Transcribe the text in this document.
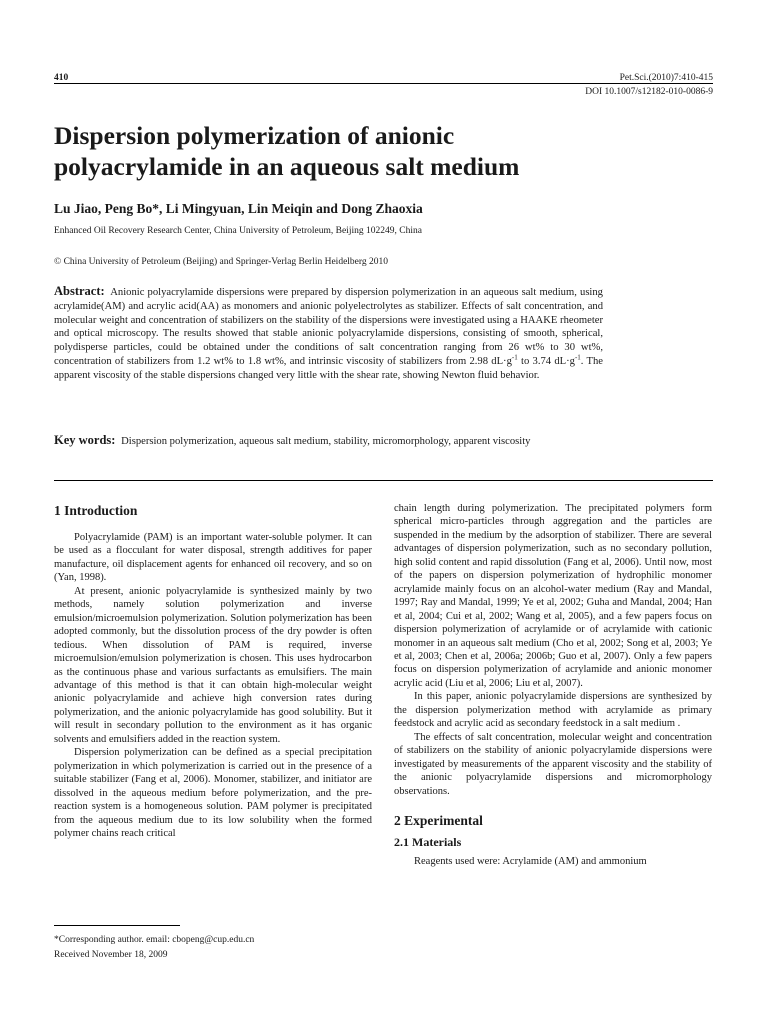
410	Pet.Sci.(2010)7:410-415
DOI 10.1007/s12182-010-0086-9
Dispersion polymerization of anionic
polyacrylamide in an aqueous salt medium
Lu Jiao, Peng Bo*, Li Mingyuan, Lin Meiqin and Dong Zhaoxia
Enhanced Oil Recovery Research Center, China University of Petroleum, Beijing 102249, China
© China University of Petroleum (Beijing) and Springer-Verlag Berlin Heidelberg 2010
Abstract: Anionic polyacrylamide dispersions were prepared by dispersion polymerization in an aqueous salt medium, using acrylamide(AM) and acrylic acid(AA) as monomers and anionic polyelectrolytes as stabilizer. Effects of salt concentration, and molecular weight and concentration of stabilizers on the stability of the dispersions were investigated using a HAAKE rheometer and optical microscopy. The results showed that stable anionic polyacrylamide dispersions, consisting of smooth, spherical, polydisperse particles, could be obtained under the conditions of salt concentration ranging from 26 wt% to 30 wt%, concentration of stabilizers from 1.2 wt% to 1.8 wt%, and intrinsic viscosity of stabilizers from 2.98 $dL\cdot g^{-1}$ to 3.74 $dL\cdot g^{-1}$. The apparent viscosity of the stable dispersions changed very little with the shear rate, showing Newton fluid behavior.
Key words: Dispersion polymerization, aqueous salt medium, stability, micromorphology, apparent viscosity
1 Introduction

Polyacrylamide (PAM) is an important water-soluble polymer. It can be used as a flocculant for water disposal, strength additives for paper manufacture, oil displacement agents for enhanced oil recovery, and so on (Yan, 1998).

At present, anionic polyacrylamide is synthesized mainly by two methods, namely solution polymerization and inverse emulsion/microemulsion polymerization. Solution polymerization has been adopted commonly, but the dissolution process of the dry powder is often tedious. When dissolution of PAM is required, inverse microemulsion/emulsion polymerization is chosen. This uses hydrocarbon as the continuous phase and various surfactants as emulsifiers. The main advantage of this method is that it can obtain high-molecular weight anionic polyacrylamide and achieve high conversion rates during polymerization, and the anionic polyacrylamide has good solubility. But it will result in secondary pollution to the environment as it has organic solvents and emulsifiers added in the reaction system.

Dispersion polymerization can be defined as a special precipitation polymerization in which polymerization is carried out in the presence of a suitable stabilizer (Fang et al, 2006). Monomer, stabilizer, and initiator are dissolved in the aqueous medium before polymerization, and the pre-reaction system is a homogeneous solution. PAM polymer is precipitated from the aqueous medium due to its low solubility when the formed polymer chains reach critical

chain length during polymerization. The precipitated polymers form spherical micro-particles through aggregation and the particles are suspended in the medium by the adsorption of stabilizer. There are several advantages of dispersion polymerization, such as no secondary pollution, high solid content and rapid dissolution (Fang et al, 2006). Until now, most of the papers on dispersion polymerization of hydrophilic monomer acrylamide mainly focus on an alcohol-water medium (Ray and Mandal, 1997; Ray and Mandal, 1999; Ye et al, 2002; Guha and Mandal, 2004; Han et al, 2004; Cui et al, 2002; Wang et al, 2005), and a few papers focus on dispersion polymerization of acrylamide or of acrylamide with cationic monomer in an aqueous salt medium (Cho et al, 2002; Song et al, 2003; Ye et al, 2003; Chen et al, 2006a; 2006b; Guo et al, 2007). Only a few papers focus on dispersion polymerization of acrylamide and anionic monomer acrylic acid (Liu et al, 2006; Liu et al, 2007).

In this paper, anionic polyacrylamide dispersions are synthesized by the dispersion polymerization method with acrylamide as primary feedstock and acrylic acid as secondary feedstock in a salt medium .

The effects of salt concentration, molecular weight and concentration of stabilizers on the stability of anionic polyacrylamide dispersions were investigated by measurements of the apparent viscosity and the stability of the anionic polyacrylamide dispersions and micromorphology observations.

2 Experimental
2.1 Materials

Reagents used were: Acrylamide (AM) and ammonium

*Corresponding author. email: cbopeng@cup.edu.cn
Received November 18, 2009
